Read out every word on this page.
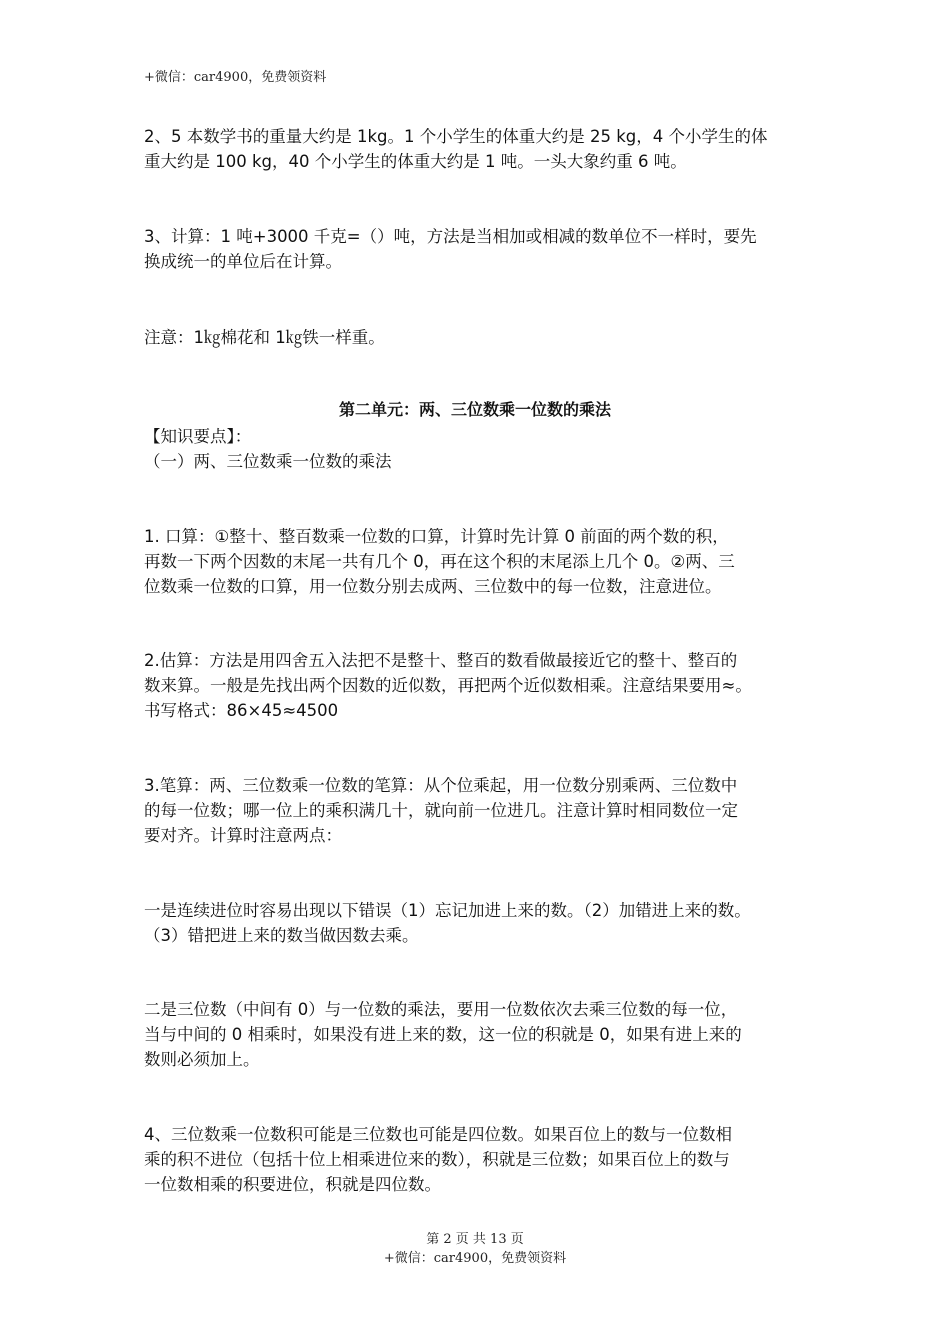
+微信：car4900，免费领资料

2、5 本数学书的重量大约是 1kg。1 个小学生的体重大约是 25 kg，4 个小学生的体
重大约是 100 kg，40 个小学生的体重大约是 1 吨。一头大象约重 6 吨。

3、计算：1 吨+3000 千克=（）吨，方法是当相加或相减的数单位不一样时，要先
换成统一的单位后在计算。

注意：1㎏棉花和 1㎏铁一样重。

第二单元：两、三位数乘一位数的乘法

【知识要点】：
（一）两、三位数乘一位数的乘法

1. 口算：①整十、整百数乘一位数的口算，计算时先计算 0 前面的两个数的积，
再数一下两个因数的末尾一共有几个 0，再在这个积的末尾添上几个 0。②两、三
位数乘一位数的口算，用一位数分别去成两、三位数中的每一位数，注意进位。

2.估算：方法是用四舍五入法把不是整十、整百的数看做最接近它的整十、整百的
数来算。一般是先找出两个因数的近似数，再把两个近似数相乘。注意结果要用≈。
书写格式：86×45≈4500

3.笔算：两、三位数乘一位数的笔算：从个位乘起，用一位数分别乘两、三位数中
的每一位数；哪一位上的乘积满几十，就向前一位进几。注意计算时相同数位一定
要对齐。计算时注意两点：

一是连续进位时容易出现以下错误（1）忘记加进上来的数。（2）加错进上来的数。
（3）错把进上来的数当做因数去乘。

二是三位数（中间有 0）与一位数的乘法，要用一位数依次去乘三位数的每一位，
当与中间的 0 相乘时，如果没有进上来的数，这一位的积就是 0，如果有进上来的
数则必须加上。

4、三位数乘一位数积可能是三位数也可能是四位数。如果百位上的数与一位数相
乘的积不进位（包括十位上相乘进位来的数），积就是三位数；如果百位上的数与
一位数相乘的积要进位，积就是四位数。

第 2 页 共 13 页
+微信：car4900，免费领资料
